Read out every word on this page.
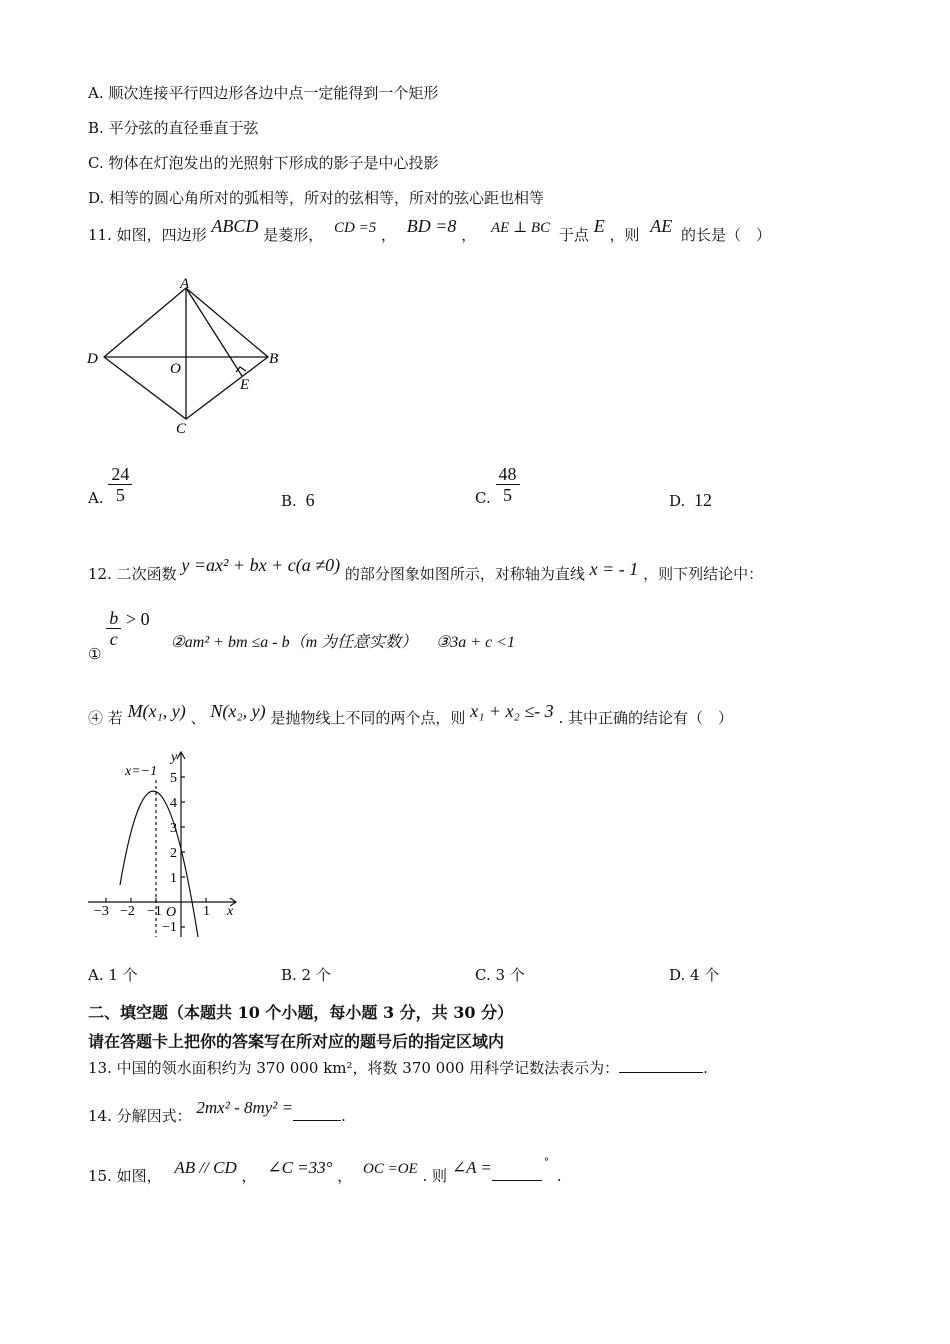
A. 顺次连接平行四边形各边中点一定能得到一个矩形
B. 平分弦的直径垂直于弦
C. 物体在灯泡发出的光照射下形成的影子是中心投影
D. 相等的圆心角所对的弧相等，所对的弦相等，所对的弦心距也相等
11. 如图，四边形 ABCD 是菱形， CD =5 ， BD =8 ， AE ⊥ BC 于点 E ，则 AE 的长是（　）
A
B
C
D
O
E
A. $\frac{24}{5}$	B. 6	C. $\frac{48}{5}$	D. 12
12. 二次函数 y =ax² + bx + c(a ≠0) 的部分图象如图所示，对称轴为直线 x = - 1 ，则下列结论中：
①
$\frac{b}{c} > 0$ ②am² + bm ≤a - b（m 为任意实数） ③3a + c <1
④ 若 M(x₁, y) 、 N(x₂, y) 是抛物线上不同的两个点，则 x₁ + x₂ ≤- 3 . 其中正确的结论有（　）
x=−1
x
y
O
−3 −2 −1	1
5
4
3
2
1
−1
A. 1 个	B. 2 个	C. 3 个	D. 4 个
二、填空题（本题共 10 个小题，每小题 3 分，共 30 分）
请在答题卡上把你的答案写在所对应的题号后的指定区域内
13. 中国的领水面积约为 370 000 km²，将数 370 000 用科学记数法表示为：	.
14. 分解因式： 2mx² - 8my² =	.
15. 如图， AB // CD ， ∠C =33° ， OC =OE . 则 ∠A =	°.
